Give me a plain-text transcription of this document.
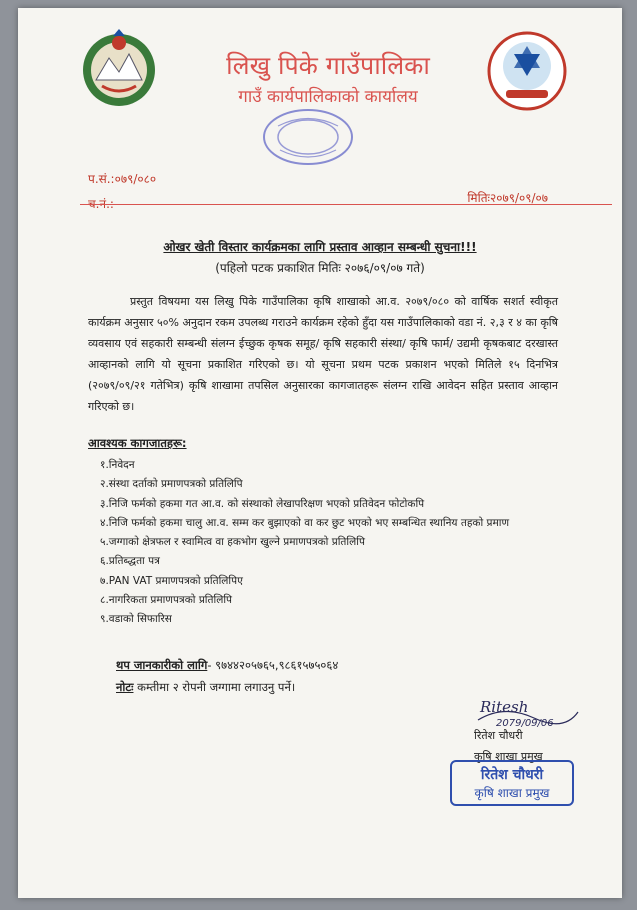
लिखु पिके गाउँपालिका
गाउँ कार्यपालिकाको कार्यालय
प.सं.:०७९/०८०
च.नं.:	मितिः२०७९/०९/०७
ओखर खेती विस्तार कार्यक्रमका लागि प्रस्ताव आव्हान सम्बन्धी सुचना!!!
(पहिलो पटक प्रकाशित मितिः २०७६/०९/०७ गते)
प्रस्तुत विषयमा यस लिखु पिके गाउँपालिका कृषि शाखाको आ.व. २०७९/०८० को वार्षिक सशर्त स्वीकृत कार्यक्रम अनुसार ५०% अनुदान रकम उपलब्ध गराउने कार्यक्रम रहेको हुँदा यस गाउँपालिकाको वडा नं. २,३ र ४ का कृषि व्यवसाय एवं सहकारी सम्बन्धी संलग्न ईच्छुक कृषक समूह/ कृषि सहकारी संस्था/ कृषि फार्म/ उद्यमी कृषकबाट दरखास्त आव्हानको लागि यो सूचना प्रकाशित गरिएको छ। यो सूचना प्रथम पटक प्रकाशन भएको मितिले १५ दिनभित्र (२०७९/०९/२१ गतेभित्र) कृषि शाखामा तपसिल अनुसारका कागजातहरू संलग्न राखि आवेदन सहित प्रस्ताव आव्हान गरिएको छ।
आवश्यक कागजातहरू:
१.निवेदन
२.संस्था दर्ताको प्रमाणपत्रको प्रतिलिपि
३.निजि फर्मको हकमा गत आ.व. को संस्थाको लेखापरिक्षण भएको प्रतिवेदन फोटोकपि
४.निजि फर्मको हकमा चालु आ.व. सम्म कर बुझाएको वा कर छुट भएको भए सम्बन्धित स्थानिय तहको प्रमाण
५.जग्गाको क्षेत्रफल र स्वामित्व वा हकभोग खुल्ने प्रमाणपत्रको प्रतिलिपि
६.प्रतिब्द्धता पत्र
७.PAN VAT प्रमाणपत्रको प्रतिलिपिए
८.नागरिकता प्रमाणपत्रको प्रतिलिपि
९.वडाको सिफारिस
थप जानकारीको लागि- ९७४४२०५७६५,९८६१५७५०६४
नोटः कम्तीमा २ रोपनी जग्गामा लगाउनु पर्ने।
Ritesh
2079/09/06
रितेश चौधरी
कृषि शाखा प्रमुख
रितेश चौधरी
कृषि शाखा प्रमुख
